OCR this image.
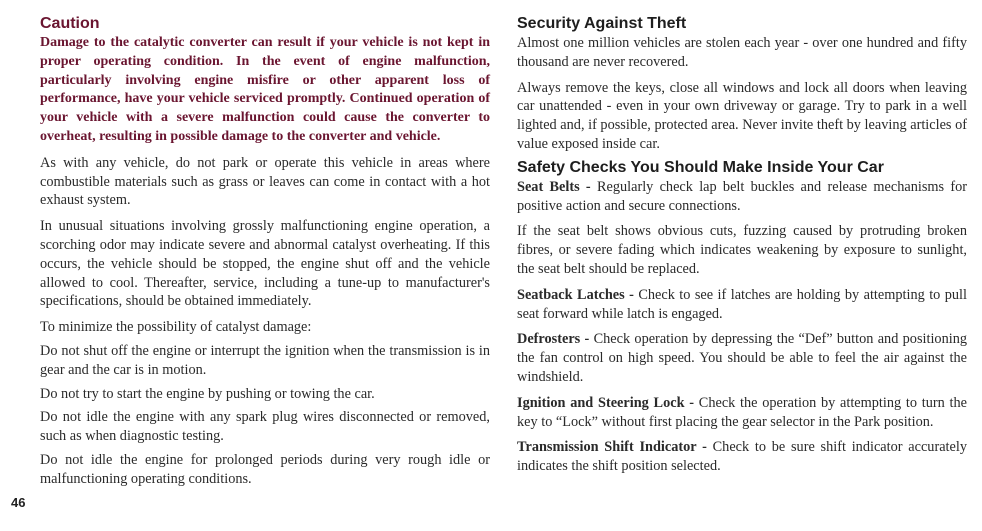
46
Caution

Damage to the catalytic converter can result if your vehicle is not kept in proper operating condition. In the event of engine malfunction, particularly involving engine misfire or other apparent loss of performance, have your vehicle serviced promptly. Continued operation of your vehicle with a severe malfunction could cause the converter to overheat, resulting in possible damage to the converter and vehicle.

As with any vehicle, do not park or operate this vehicle in areas where combustible materials such as grass or leaves can come in contact with a hot exhaust system.

In unusual situations involving grossly malfunctioning engine operation, a scorching odor may indicate severe and abnormal catalyst overheating. If this occurs, the vehicle should be stopped, the engine shut off and the vehicle allowed to cool. Thereafter, service, including a tune-up to manufacturer's specifications, should be obtained immediately.

To minimize the possibility of catalyst damage:

Do not shut off the engine or interrupt the ignition when the transmission is in gear and the car is in motion.

Do not try to start the engine by pushing or towing the car.

Do not idle the engine with any spark plug wires disconnected or removed, such as when diagnostic testing.

Do not idle the engine for prolonged periods during very rough idle or malfunctioning operating conditions.

Security Against Theft

Almost one million vehicles are stolen each year - over one hundred and fifty thousand are never recovered.

Always remove the keys, close all windows and lock all doors when leaving car unattended - even in your own driveway or garage. Try to park in a well lighted and, if possible, protected area. Never invite theft by leaving articles of value exposed inside car.

Safety Checks You Should Make Inside Your Car

Seat Belts - Regularly check lap belt buckles and release mechanisms for positive action and secure connections.

If the seat belt shows obvious cuts, fuzzing caused by protruding broken fibres, or severe fading which indicates weakening by exposure to sunlight, the seat belt should be replaced.

Seatback Latches - Check to see if latches are holding by attempting to pull seat forward while latch is engaged.

Defrosters - Check operation by depressing the “Def” button and positioning the fan control on high speed. You should be able to feel the air against the windshield.

Ignition and Steering Lock - Check the operation by attempting to turn the key to “Lock” without first placing the gear selector in the Park position.

Transmission Shift Indicator - Check to be sure shift indicator accurately indicates the shift position selected.
